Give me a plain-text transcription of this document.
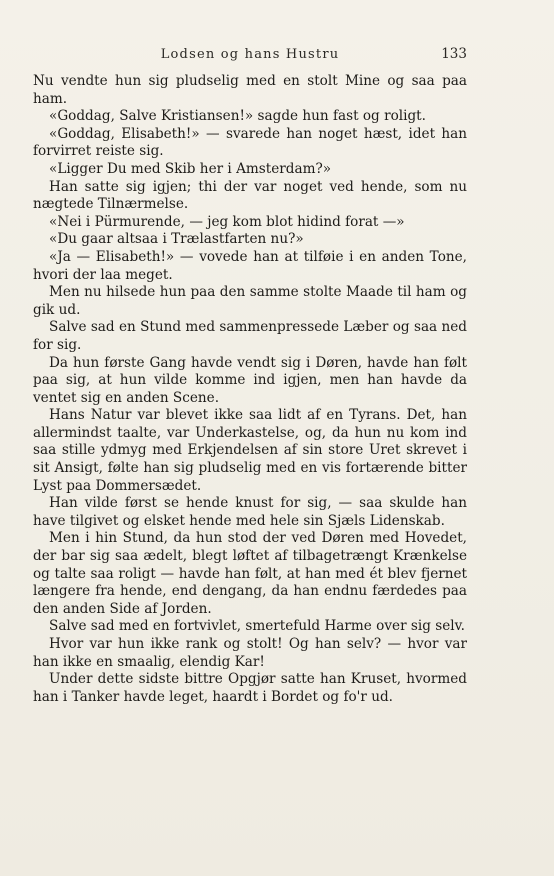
Lodsen og hans Hustru	133

Nu vendte hun sig pludselig med en stolt Mine og saa paa ham.

«Goddag, Salve Kristiansen!» sagde hun fast og roligt.

«Goddag, Elisabeth!» — svarede han noget hæst, idet han forvirret reiste sig.

«Ligger Du med Skib her i Amsterdam?»

Han satte sig igjen; thi der var noget ved hende, som nu nægtede Tilnærmelse.

«Nei i Pürmurende, — jeg kom blot hidind forat —»

«Du gaar altsaa i Trælastfarten nu?»

«Ja — Elisabeth!» — vovede han at tilføie i en anden Tone, hvori der laa meget.

Men nu hilsede hun paa den samme stolte Maade til ham og gik ud.

Salve sad en Stund med sammenpressede Læber og saa ned for sig.

Da hun første Gang havde vendt sig i Døren, havde han følt paa sig, at hun vilde komme ind igjen, men han havde da ventet sig en anden Scene.

Hans Natur var blevet ikke saa lidt af en Tyrans. Det, han allermindst taalte, var Underkastelse, og, da hun nu kom ind saa stille ydmyg med Erkjendelsen af sin store Uret skrevet i sit Ansigt, følte han sig pludselig med en vis fortærende bitter Lyst paa Dommersædet.

Han vilde først se hende knust for sig, — saa skulde han have tilgivet og elsket hende med hele sin Sjæls Lidenskab.

Men i hin Stund, da hun stod der ved Døren med Hovedet, der bar sig saa ædelt, blegt løftet af tilbagetrængt Krænkelse og talte saa roligt — havde han følt, at han med ét blev fjernet længere fra hende, end dengang, da han endnu færdedes paa den anden Side af Jorden.

Salve sad med en fortvivlet, smertefuld Harme over sig selv.

Hvor var hun ikke rank og stolt! Og han selv? — hvor var han ikke en smaalig, elendig Kar!

Under dette sidste bittre Opgjør satte han Kruset, hvormed han i Tanker havde leget, haardt i Bordet og fo'r ud.
